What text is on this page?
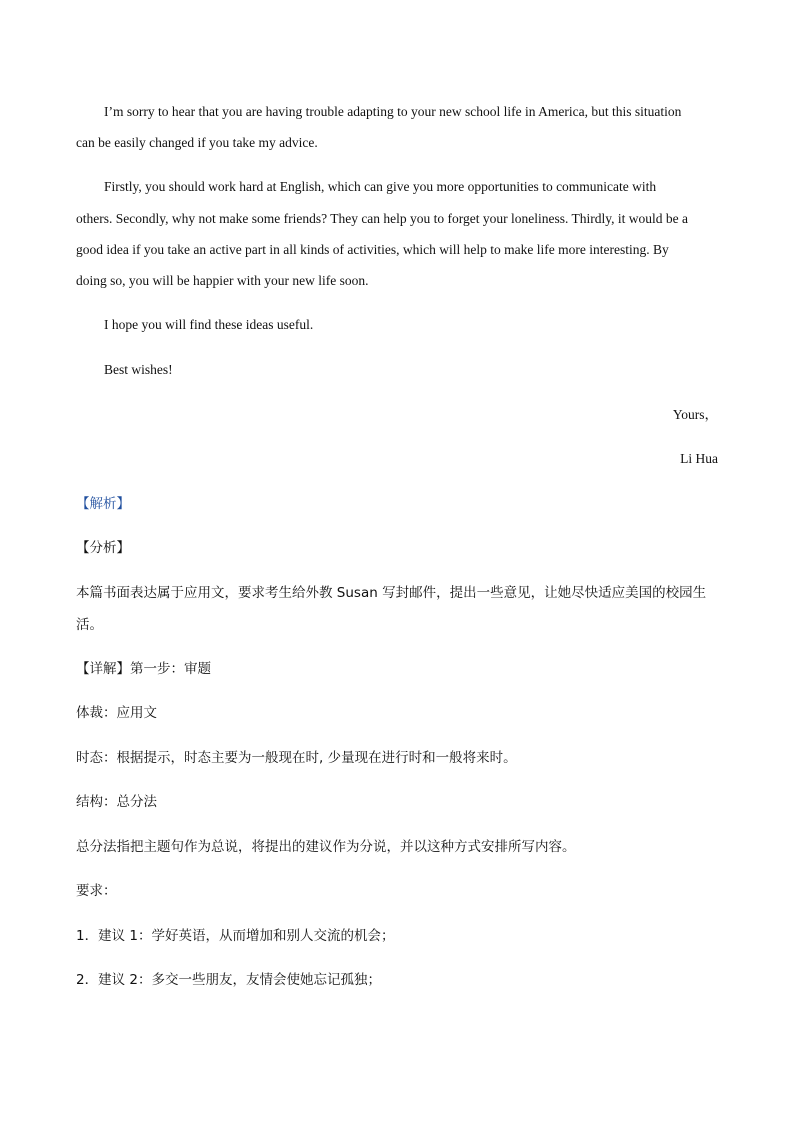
I’m sorry to hear that you are having trouble adapting to your new school life in America, but this situation
can be easily changed if you take my advice.
Firstly, you should work hard at English, which can give you more opportunities to communicate with
others. Secondly, why not make some friends? They can help you to forget your loneliness. Thirdly, it would be a
good idea if you take an active part in all kinds of activities, which will help to make life more interesting. By
doing so, you will be happier with your new life soon.
I hope you will find these ideas useful.
Best wishes!
Yours，
Li Hua
【解析】
【分析】
本篇书面表达属于应用文，要求考生给外教 Susan 写封邮件，提出一些意见，让她尽快适应美国的校园生
活。
【详解】第一步：审题
体裁：应用文
时态：根据提示，时态主要为一般现在时, 少量现在进行时和一般将来时。
结构：总分法
总分法指把主题句作为总说，将提出的建议作为分说，并以这种方式安排所写内容。
要求：
1．建议 1：学好英语，从而增加和别人交流的机会；
2．建议 2：多交一些朋友，友情会使她忘记孤独；
